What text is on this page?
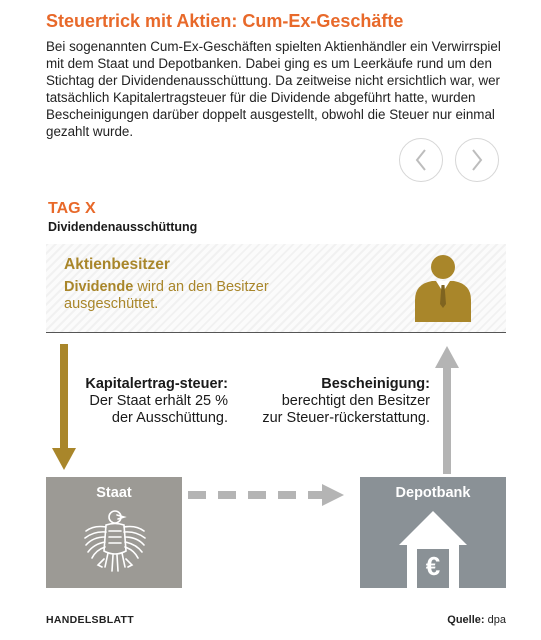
Steuertrick mit Aktien: Cum-Ex-Geschäfte
Bei sogenannten Cum-Ex-Geschäften spielten Aktienhändler ein Verwirrspiel mit dem Staat und Depotbanken. Dabei ging es um Leerkäufe rund um den Stichtag der Dividendenausschüttung. Da zeitweise nicht ersichtlich war, wer tatsächlich Kapitalertragsteuer für die Dividende abgeführt hatte, wurden Bescheinigungen darüber doppelt ausgestellt, obwohl die Steuer nur einmal gezahlt wurde.
TAG X
Dividendenausschüttung
Aktienbesitzer
Dividende wird an den Besitzer ausgeschüttet.
Kapitalertrag-steuer: Der Staat erhält 25 % der Ausschüttung.
Bescheinigung: berechtigt den Besitzer zur Steuer-rückerstattung.
Staat	Depotbank
€
HANDELSBLATT	Quelle: dpa
